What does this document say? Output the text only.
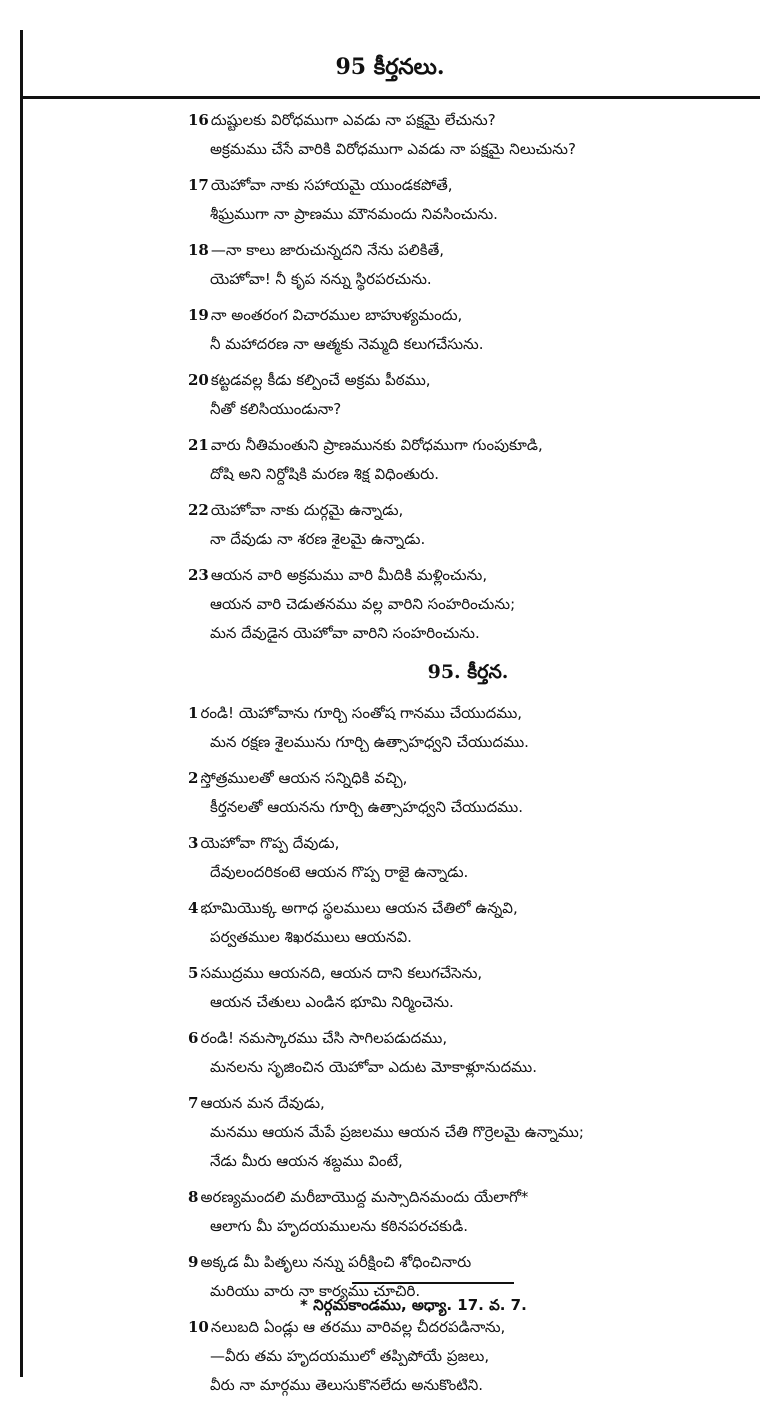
95 కీర్తనలు.
16 దుష్టులకు విరోధముగా ఎవడు నా పక్షమై లేచును?
అక్రమము చేసే వారికి విరోధముగా ఎవడు నా పక్షమై నిలుచును?
17 యెహోవా నాకు సహాయమై యుండకపోతే,
శీఘ్రముగా నా ప్రాణము మౌనమందు నివసించును.
18 —నా కాలు జారుచున్నదని నేను పలికితే,
యెహోవా! నీ కృప నన్ను స్థిరపరచును.
19 నా అంతరంగ విచారముల బాహుళ్యమందు,
నీ మహాదరణ నా ఆత్మకు నెమ్మది కలుగచేసును.
20 కట్టడవల్ల కీడు కల్పించే అక్రమ పీఠము,
నీతో కలిసియుండునా?
21 వారు నీతిమంతుని ప్రాణమునకు విరోధముగా గుంపుకూడి,
దోషి అని నిర్దోషికి మరణ శిక్ష విధింతురు.
22 యెహోవా నాకు దుర్గమై ఉన్నాడు,
నా దేవుడు నా శరణ శైలమై ఉన్నాడు.
23 ఆయన వారి అక్రమము వారి మీదికి మళ్లించును,
ఆయన వారి చెడుతనము వల్ల వారిని సంహరించును;
మన దేవుడైన యెహోవా వారిని సంహరించును.
95. కీర్తన.
1 రండి! యెహోవాను గూర్చి సంతోష గానము చేయుదము,
మన రక్షణ శైలమును గూర్చి ఉత్సాహధ్వని చేయుదము.
2 స్తోత్రములతో ఆయన సన్నిధికి వచ్చి,
కీర్తనలతో ఆయనను గూర్చి ఉత్సాహధ్వని చేయుదము.
3 యెహోవా గొప్ప దేవుడు,
దేవులందరికంటె ఆయన గొప్ప రాజై ఉన్నాడు.
4 భూమియొక్క అగాధ స్థలములు ఆయన చేతిలో ఉన్నవి,
పర్వతముల శిఖరములు ఆయనవి.
5 సముద్రము ఆయనది, ఆయన దాని కలుగచేసెను,
ఆయన చేతులు ఎండిన భూమి నిర్మించెను.
6 రండి! నమస్కారము చేసి సాగిలపడుదము,
మనలను సృజించిన యెహోవా ఎదుట మోకాళ్లూనుదము.
7 ఆయన మన దేవుడు,
మనము ఆయన మేపే ప్రజలము ఆయన చేతి గొర్రెలమై ఉన్నాము;
నేడు మీరు ఆయన శబ్దము వింటే,
8 అరణ్యమందలి మరీబాయొద్ద మస్సాదినమందు యేలాగో*
ఆలాగు మీ హృదయములను కఠినపరచకుడి.
9 అక్కడ మీ పితృలు నన్ను పరీక్షించి శోధించినారు
మరియు వారు నా కార్యము చూచిరి.
10 నలుబది ఏండ్లు ఆ తరము వారివల్ల చీదరపడినాను,
—వీరు తమ హృదయములో తప్పిపోయే ప్రజలు,
వీరు నా మార్గము తెలుసుకొనలేదు అనుకొంటిని.
* నిర్గమకాండము, అధ్యా. 17. వ. 7.
